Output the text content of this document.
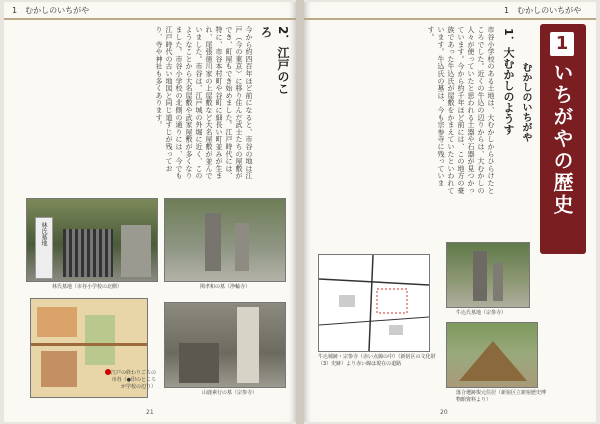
1　むかしのいちがや
2．江戸のころ
今から約四百年ほど前になると、市谷の地は江戸（今の東京）に移り住んだ武士たちの屋敷ができ、町屋もでき始めました。江戸時代には、特に、市谷本村町や谷町に細長い町並みが生まれ、尾張徳川家の上屋敷など大名屋敷が並んでいました。市谷は、江戸城の外堀に近く、このようなことから大名屋敷や武家屋敷が多くなりました。市谷小学校の北側の通りには、今でも江戸時代の古い地図と同じ道すじが残っており、寺や神社も多くあります。
林氏墓地
林氏墓地（市谷小学校の北側）	関孝和の墓（浄輪寺）
江戸の終わりごろの市谷（●印のところが学校の辺り）
山鹿素行の墓（宗参寺）
21
1　むかしのいちがや
いちがやの歴史
1
むかしのいちがや
1．大むかしのようす
市谷小学校のある土地は、大むかしからひらけたところでした。近くの牛込の辺りからは、大むかしの人々が使っていたと思われる土器や石器が見つかっています。今から約千年ほど前には、この地方の豪族であった牛込氏が屋敷をかまえていたといわれています。牛込氏の墓は、今も宗参寺に残っています。
牛込城跡・宗参寺（赤い点線の中）（新宿区の文化財（3）史跡）より赤い線は現在の道路
牛込氏墓地（宗参寺）
落合遺跡復元住居（新宿区立新宿歴史博物館資料より）
20
